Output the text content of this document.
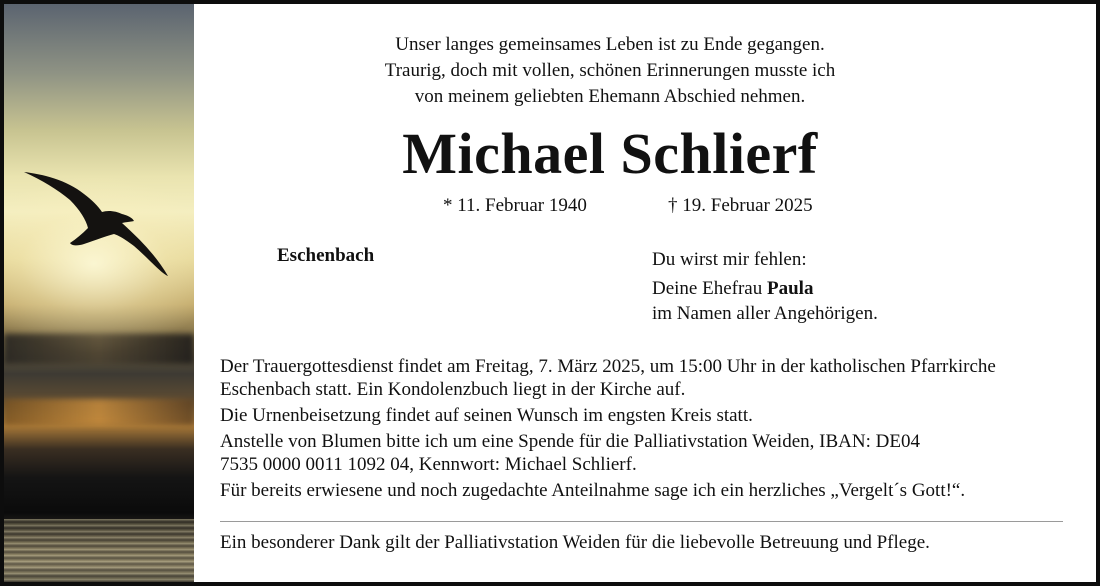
Unser langes gemeinsames Leben ist zu Ende gegangen.
Traurig, doch mit vollen, schönen Erinnerungen musste ich
von meinem geliebten Ehemann Abschied nehmen.
Michael Schlierf
* 11. Februar 1940	† 19. Februar 2025
Eschenbach	Du wirst mir fehlen:
Deine Ehefrau Paula
im Namen aller Angehörigen.

Der Trauergottesdienst findet am Freitag, 7. März 2025, um 15:00 Uhr in der katholischen Pfarrkirche Eschenbach statt. Ein Kondolenzbuch liegt in der Kirche auf.

Die Urnenbeisetzung findet auf seinen Wunsch im engsten Kreis statt.

Anstelle von Blumen bitte ich um eine Spende für die Palliativstation Weiden, IBAN: DE04 7535 0000 0011 1092 04, Kennwort: Michael Schlierf.

Für bereits erwiesene und noch zugedachte Anteilnahme sage ich ein herzliches „Vergelt´s Gott!“.

Ein besonderer Dank gilt der Palliativstation Weiden für die liebevolle Betreuung und Pflege.
